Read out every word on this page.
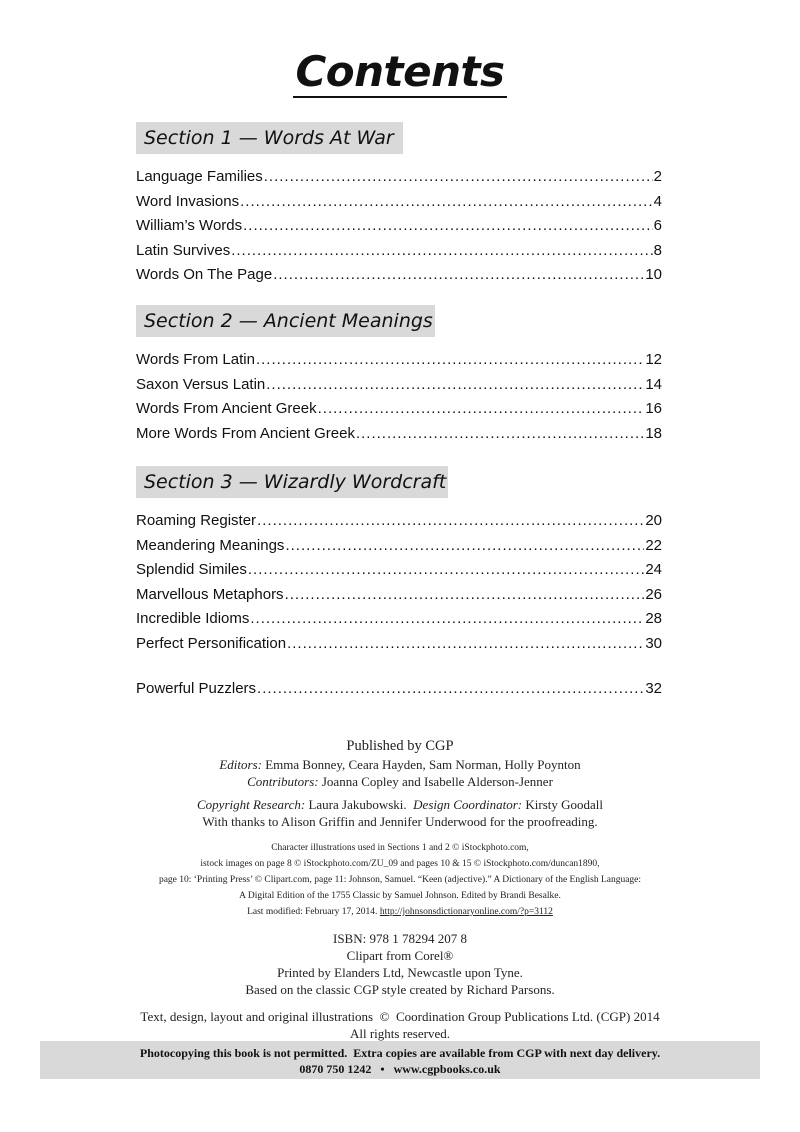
Contents
Section 1 — Words At War
Language Families .....	2
Word Invasions .....	4
William’s Words .....	6
Latin Survives .....	8
Words On The Page .....	10
Section 2 — Ancient Meanings
Words From Latin .....	12
Saxon Versus Latin .....	14
Words From Ancient Greek .....	16
More Words From Ancient Greek .....	18
Section 3 — Wizardly Wordcraft
Roaming Register .....	20
Meandering Meanings .....	22
Splendid Similes .....	24
Marvellous Metaphors .....	26
Incredible Idioms .....	28
Perfect Personification .....	30
Powerful Puzzlers .....	32

Published by CGP

Editors: Emma Bonney, Ceara Hayden, Sam Norman, Holly Poynton

Contributors: Joanna Copley and Isabelle Alderson-Jenner

Copyright Research: Laura Jakubowski. Design Coordinator: Kirsty Goodall

With thanks to Alison Griffin and Jennifer Underwood for the proofreading.

Character illustrations used in Sections 1 and 2 © iStockphoto.com,

istock images on page 8 © iStockphoto.com/ZU_09 and pages 10 & 15 © iStockphoto.com/duncan1890,

page 10: ‘Printing Press’ © Clipart.com, page 11: Johnson, Samuel. “Keen (adjective).” A Dictionary of the English Language:

A Digital Edition of the 1755 Classic by Samuel Johnson. Edited by Brandi Besalke.

Last modified: February 17, 2014. http://johnsonsdictionaryonline.com/?p=3112

ISBN: 978 1 78294 207 8

Clipart from Corel®

Printed by Elanders Ltd, Newcastle upon Tyne.

Based on the classic CGP style created by Richard Parsons.

Text, design, layout and original illustrations  ©  Coordination Group Publications Ltd. (CGP) 2014

All rights reserved.

Photocopying this book is not permitted.  Extra copies are available from CGP with next day delivery.
0870 750 1242 • www.cgpbooks.co.uk
